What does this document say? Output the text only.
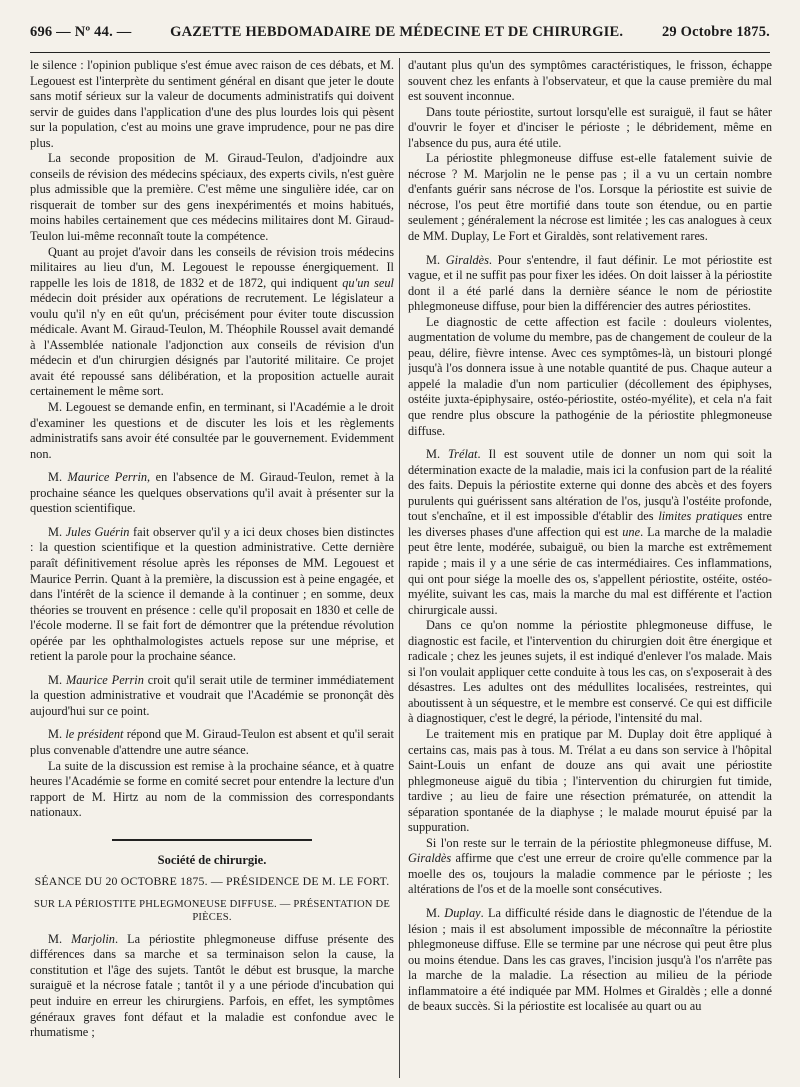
696 — Nº 44. —	GAZETTE HEBDOMADAIRE DE MÉDECINE ET DE CHIRURGIE.	29 Octobre 1875.

le silence : l'opinion publique s'est émue avec raison de ces débats, et M. Legouest est l'interprète du sentiment général en disant que jeter le doute sans motif sérieux sur la valeur de documents administratifs qui doivent servir de guides dans l'application d'une des plus lourdes lois qui pèsent sur la population, c'est au moins une grave imprudence, pour ne pas dire plus.

La seconde proposition de M. Giraud-Teulon, d'adjoindre aux conseils de révision des médecins spéciaux, des experts civils, n'est guère plus admissible que la première. C'est même une singulière idée, car on risquerait de tomber sur des gens inexpérimentés et moins habitués, moins habiles certainement que ces médecins militaires dont M. Giraud-Teulon lui-même reconnaît toute la compétence.

Quant au projet d'avoir dans les conseils de révision trois médecins militaires au lieu d'un, M. Legouest le repousse énergiquement. Il rappelle les lois de 1818, de 1832 et de 1872, qui indiquent qu'un seul médecin doit présider aux opérations de recrutement. Le législateur a voulu qu'il n'y en eût qu'un, précisément pour éviter toute discussion médicale. Avant M. Giraud-Teulon, M. Théophile Roussel avait demandé à l'Assemblée nationale l'adjonction aux conseils de révision d'un médecin et d'un chirurgien désignés par l'autorité militaire. Ce projet avait été repoussé sans délibération, et la proposition actuelle aurait certainement le même sort.

M. Legouest se demande enfin, en terminant, si l'Académie a le droit d'examiner les questions et de discuter les lois et les règlements administratifs sans avoir été consultée par le gouvernement. Evidemment non.

M. Maurice Perrin, en l'absence de M. Giraud-Teulon, remet à la prochaine séance les quelques observations qu'il avait à présenter sur la question scientifique.

M. Jules Guérin fait observer qu'il y a ici deux choses bien distinctes : la question scientifique et la question administrative. Cette dernière paraît définitivement résolue après les réponses de MM. Legouest et Maurice Perrin. Quant à la première, la discussion est à peine engagée, et dans l'intérêt de la science il demande à la continuer ; en somme, deux théories se trouvent en présence : celle qu'il proposait en 1830 et celle de l'école moderne. Il se fait fort de démontrer que la prétendue révolution opérée par les ophthalmologistes actuels repose sur une méprise, et retient la parole pour la prochaine séance.

M. Maurice Perrin croit qu'il serait utile de terminer immédiatement la question administrative et voudrait que l'Académie se prononçât dès aujourd'hui sur ce point.

M. le président répond que M. Giraud-Teulon est absent et qu'il serait plus convenable d'attendre une autre séance.

La suite de la discussion est remise à la prochaine séance, et à quatre heures l'Académie se forme en comité secret pour entendre la lecture d'un rapport de M. Hirtz au nom de la commission des correspondants nationaux.

Société de chirurgie.
SÉANCE DU 20 OCTOBRE 1875. — PRÉSIDENCE DE M. LE FORT.
SUR LA PÉRIOSTITE PHLEGMONEUSE DIFFUSE. — PRÉSENTATION DE PIÈCES.

M. Marjolin. La périostite phlegmoneuse diffuse présente des différences dans sa marche et sa terminaison selon la cause, la constitution et l'âge des sujets. Tantôt le début est brusque, la marche suraiguë et la nécrose fatale ; tantôt il y a une période d'incubation qui peut induire en erreur les chirurgiens. Parfois, en effet, les symptômes généraux graves font défaut et la maladie est confondue avec le rhumatisme ;

d'autant plus qu'un des symptômes caractéristiques, le frisson, échappe souvent chez les enfants à l'observateur, et que la cause première du mal est souvent inconnue.

Dans toute périostite, surtout lorsqu'elle est suraiguë, il faut se hâter d'ouvrir le foyer et d'inciser le périoste ; le débridement, même en l'absence du pus, aura été utile.

La périostite phlegmoneuse diffuse est-elle fatalement suivie de nécrose ? M. Marjolin ne le pense pas ; il a vu un certain nombre d'enfants guérir sans nécrose de l'os. Lorsque la périostite est suivie de nécrose, l'os peut être mortifié dans toute son étendue, ou en partie seulement ; généralement la nécrose est limitée ; les cas analogues à ceux de MM. Duplay, Le Fort et Giraldès, sont relativement rares.

M. Giraldès. Pour s'entendre, il faut définir. Le mot périostite est vague, et il ne suffit pas pour fixer les idées. On doit laisser à la périostite dont il a été parlé dans la dernière séance le nom de périostite phlegmoneuse diffuse, pour bien la différencier des autres périostites.

Le diagnostic de cette affection est facile : douleurs violentes, augmentation de volume du membre, pas de changement de couleur de la peau, délire, fièvre intense. Avec ces symptômes-là, un bistouri plongé jusqu'à l'os donnera issue à une notable quantité de pus. Chaque auteur a appelé la maladie d'un nom particulier (décollement des épiphyses, ostéite juxta-épiphysaire, ostéo-périostite, ostéo-myélite), et cela n'a fait que rendre plus obscure la pathogénie de la périostite phlegmoneuse diffuse.

M. Trélat. Il est souvent utile de donner un nom qui soit la détermination exacte de la maladie, mais ici la confusion part de la réalité des faits. Depuis la périostite externe qui donne des abcès et des foyers purulents qui guérissent sans altération de l'os, jusqu'à l'ostéite profonde, tout s'enchaîne, et il est impossible d'établir des limites pratiques entre les diverses phases d'une affection qui est une. La marche de la maladie peut être lente, modérée, subaiguë, ou bien la marche est extrêmement rapide ; mais il y a une série de cas intermédiaires. Ces inflammations, qui ont pour siége la moelle des os, s'appellent périostite, ostéite, ostéo-myélite, suivant les cas, mais la marche du mal est différente et l'action chirurgicale aussi.

Dans ce qu'on nomme la périostite phlegmoneuse diffuse, le diagnostic est facile, et l'intervention du chirurgien doit être énergique et radicale ; chez les jeunes sujets, il est indiqué d'enlever l'os malade. Mais si l'on voulait appliquer cette conduite à tous les cas, on s'exposerait à des désastres. Les adultes ont des médullites localisées, restreintes, qui aboutissent à un séquestre, et le membre est conservé. Ce qui est difficile à diagnostiquer, c'est le degré, la période, l'intensité du mal.

Le traitement mis en pratique par M. Duplay doit être appliqué à certains cas, mais pas à tous. M. Trélat a eu dans son service à l'hôpital Saint-Louis un enfant de douze ans qui avait une périostite phlegmoneuse aiguë du tibia ; l'intervention du chirurgien fut timide, tardive ; au lieu de faire une résection prématurée, on attendit la séparation spontanée de la diaphyse ; le malade mourut épuisé par la suppuration.

Si l'on reste sur le terrain de la périostite phlegmoneuse diffuse, M. Giraldès affirme que c'est une erreur de croire qu'elle commence par la moelle des os, toujours la maladie commence par le périoste ; les altérations de l'os et de la moelle sont consécutives.

M. Duplay. La difficulté réside dans le diagnostic de l'étendue de la lésion ; mais il est absolument impossible de méconnaître la périostite phlegmoneuse diffuse. Elle se termine par une nécrose qui peut être plus ou moins étendue. Dans les cas graves, l'incision jusqu'à l'os n'arrête pas la marche de la maladie. La résection au milieu de la période inflammatoire a été indiquée par MM. Holmes et Giraldès ; elle a donné de beaux succès. Si la périostite est localisée au quart ou au
